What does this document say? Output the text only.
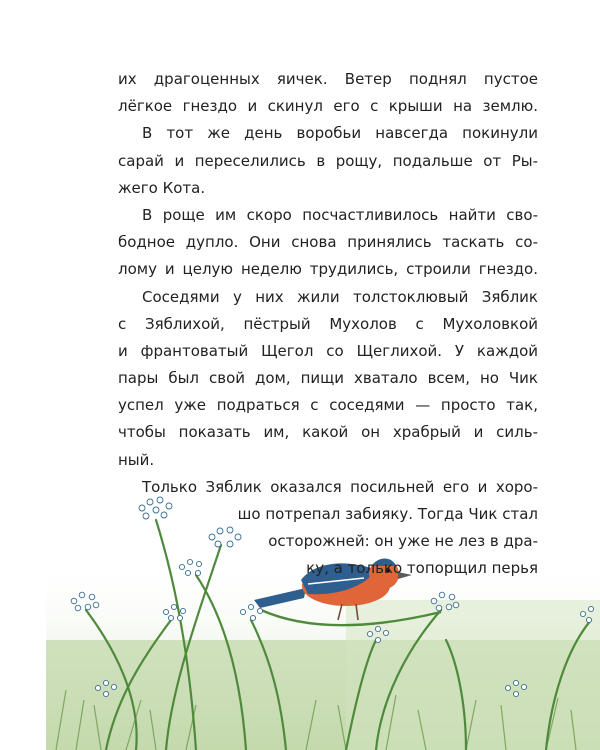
их драгоценных яичек. Ветер поднял пустое
лёгкое гнездо и скинул его с крыши на землю.
В тот же день воробьи навсегда покинули
сарай и переселились в рощу, подальше от Ры-
жего Кота.
В роще им скоро посчастливилось найти сво-
бодное дупло. Они снова принялись таскать со-
лому и целую неделю трудились, строили гнездо.
Соседями у них жили толстоклювый Зяблик
с Зяблихой, пёстрый Мухолов с Мухоловкой
и франтоватый Щегол со Щеглихой. У каждой
пары был свой дом, пищи хватало всем, но Чик
успел уже подраться с соседями — просто так,
чтобы показать им, какой он храбрый и силь-
ный.
Только Зяблик оказался посильней его и хоро-
шо потрепал забияку. Тогда Чик стал
осторожней: он уже не лез в дра-
ку, а только топорщил перья
